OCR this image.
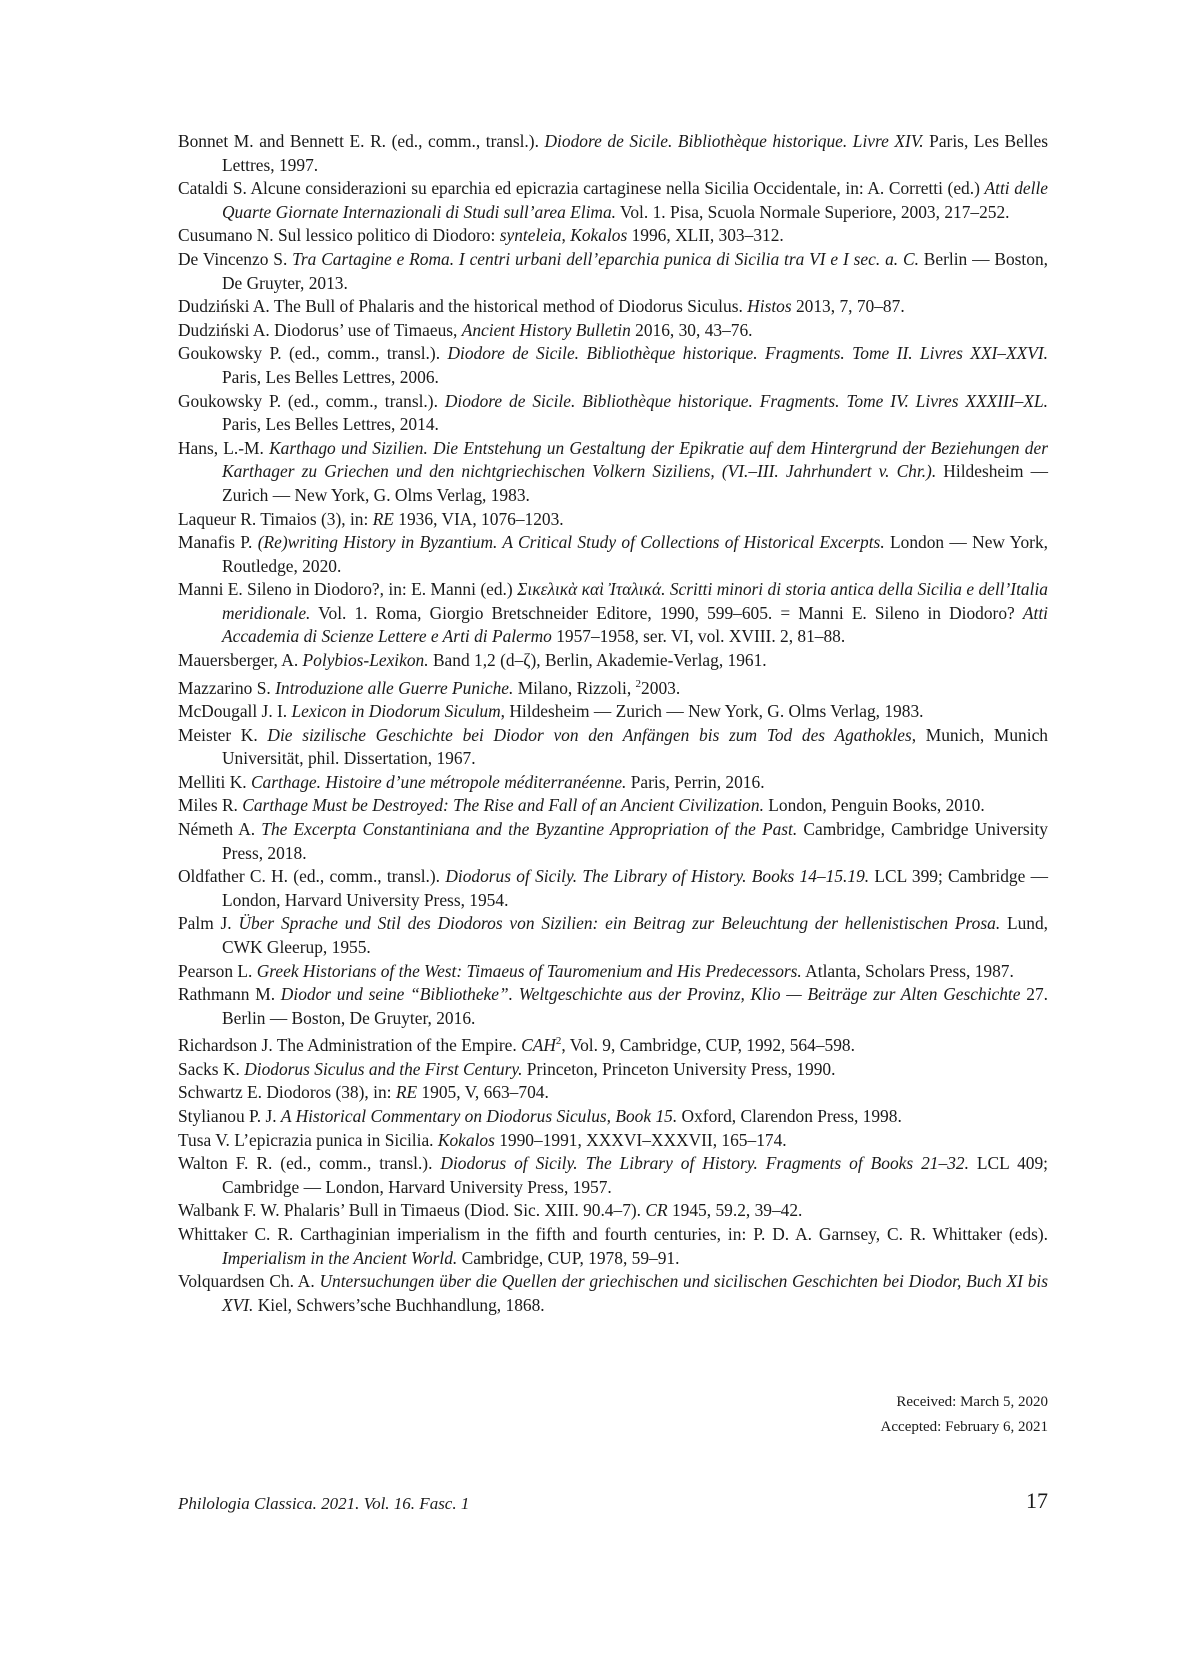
Bonnet M. and Bennett E. R. (ed., comm., transl.). Diodore de Sicile. Bibliothèque historique. Livre XIV. Paris, Les Belles Lettres, 1997.
Cataldi S. Alcune considerazioni su eparchia ed epicrazia cartaginese nella Sicilia Occidentale, in: A. Corretti (ed.) Atti delle Quarte Giornate Internazionali di Studi sull’area Elima. Vol. 1. Pisa, Scuola Normale Superiore, 2003, 217–252.
Cusumano N. Sul lessico politico di Diodoro: synteleia, Kokalos 1996, XLII, 303–312.
De Vincenzo S. Tra Cartagine e Roma. I centri urbani dell’eparchia punica di Sicilia tra VI e I sec. a. C. Berlin — Boston, De Gruyter, 2013.
Dudziński A. The Bull of Phalaris and the historical method of Diodorus Siculus. Histos 2013, 7, 70–87.
Dudziński A. Diodorus’ use of Timaeus, Ancient History Bulletin 2016, 30, 43–76.
Goukowsky P. (ed., comm., transl.). Diodore de Sicile. Bibliothèque historique. Fragments. Tome II. Livres XXI–XXVI. Paris, Les Belles Lettres, 2006.
Goukowsky P. (ed., comm., transl.). Diodore de Sicile. Bibliothèque historique. Fragments. Tome IV. Livres XXXIII–XL. Paris, Les Belles Lettres, 2014.
Hans, L.-M. Karthago und Sizilien. Die Entstehung un Gestaltung der Epikratie auf dem Hintergrund der Beziehungen der Karthager zu Griechen und den nichtgriechischen Volkern Siziliens, (VI.–III. Jahrhundert v. Chr.). Hildesheim — Zurich — New York, G. Olms Verlag, 1983.
Laqueur R. Timaios (3), in: RE 1936, VIA, 1076–1203.
Manafis P. (Re)writing History in Byzantium. A Critical Study of Collections of Historical Excerpts. London — New York, Routledge, 2020.
Manni E. Sileno in Diodoro?, in: E. Manni (ed.) Σικελικὰ καὶ Ἰταλικά. Scritti minori di storia antica della Sicilia e dell’Italia meridionale. Vol. 1. Roma, Giorgio Bretschneider Editore, 1990, 599–605. = Manni E. Sileno in Diodoro? Atti Accademia di Scienze Lettere e Arti di Palermo 1957–1958, ser. VI, vol. XVIII. 2, 81–88.
Mauersberger, A. Polybios-Lexikon. Band 1,2 (d–ζ), Berlin, Akademie-Verlag, 1961.
Mazzarino S. Introduzione alle Guerre Puniche. Milano, Rizzoli, $^2$2003.
McDougall J. I. Lexicon in Diodorum Siculum, Hildesheim — Zurich — New York, G. Olms Verlag, 1983.
Meister K. Die sizilische Geschichte bei Diodor von den Anfängen bis zum Tod des Agathokles, Munich, Munich Universität, phil. Dissertation, 1967.
Melliti K. Carthage. Histoire d’une métropole méditerranéenne. Paris, Perrin, 2016.
Miles R. Carthage Must be Destroyed: The Rise and Fall of an Ancient Civilization. London, Penguin Books, 2010.
Németh A. The Excerpta Constantiniana and the Byzantine Appropriation of the Past. Cambridge, Cambridge University Press, 2018.
Oldfather C. H. (ed., comm., transl.). Diodorus of Sicily. The Library of History. Books 14–15.19. LCL 399; Cambridge — London, Harvard University Press, 1954.
Palm J. Über Sprache und Stil des Diodoros von Sizilien: ein Beitrag zur Beleuchtung der hellenistischen Prosa. Lund, CWK Gleerup, 1955.
Pearson L. Greek Historians of the West: Timaeus of Tauromenium and His Predecessors. Atlanta, Scholars Press, 1987.
Rathmann M. Diodor und seine “Bibliotheke”. Weltgeschichte aus der Provinz, Klio — Beiträge zur Alten Geschichte 27. Berlin — Boston, De Gruyter, 2016.
Richardson J. The Administration of the Empire. CAH$^2$, Vol. 9, Cambridge, CUP, 1992, 564–598.
Sacks K. Diodorus Siculus and the First Century. Princeton, Princeton University Press, 1990.
Schwartz E. Diodoros (38), in: RE 1905, V, 663–704.
Stylianou P. J. A Historical Commentary on Diodorus Siculus, Book 15. Oxford, Clarendon Press, 1998.
Tusa V. L’epicrazia punica in Sicilia. Kokalos 1990–1991, XXXVI–XXXVII, 165–174.
Walton F. R. (ed., comm., transl.). Diodorus of Sicily. The Library of History. Fragments of Books 21–32. LCL 409; Cambridge — London, Harvard University Press, 1957.
Walbank F. W. Phalaris’ Bull in Timaeus (Diod. Sic. XIII. 90.4–7). CR 1945, 59.2, 39–42.
Whittaker C. R. Carthaginian imperialism in the fifth and fourth centuries, in: P. D. A. Garnsey, C. R. Whittaker (eds). Imperialism in the Ancient World. Cambridge, CUP, 1978, 59–91.
Volquardsen Ch. A. Untersuchungen über die Quellen der griechischen und sicilischen Geschichten bei Diodor, Buch XI bis XVI. Kiel, Schwers’sche Buchhandlung, 1868.
Received: March 5, 2020
Accepted: February 6, 2021
Philologia Classica. 2021. Vol. 16. Fasc. 1	17
